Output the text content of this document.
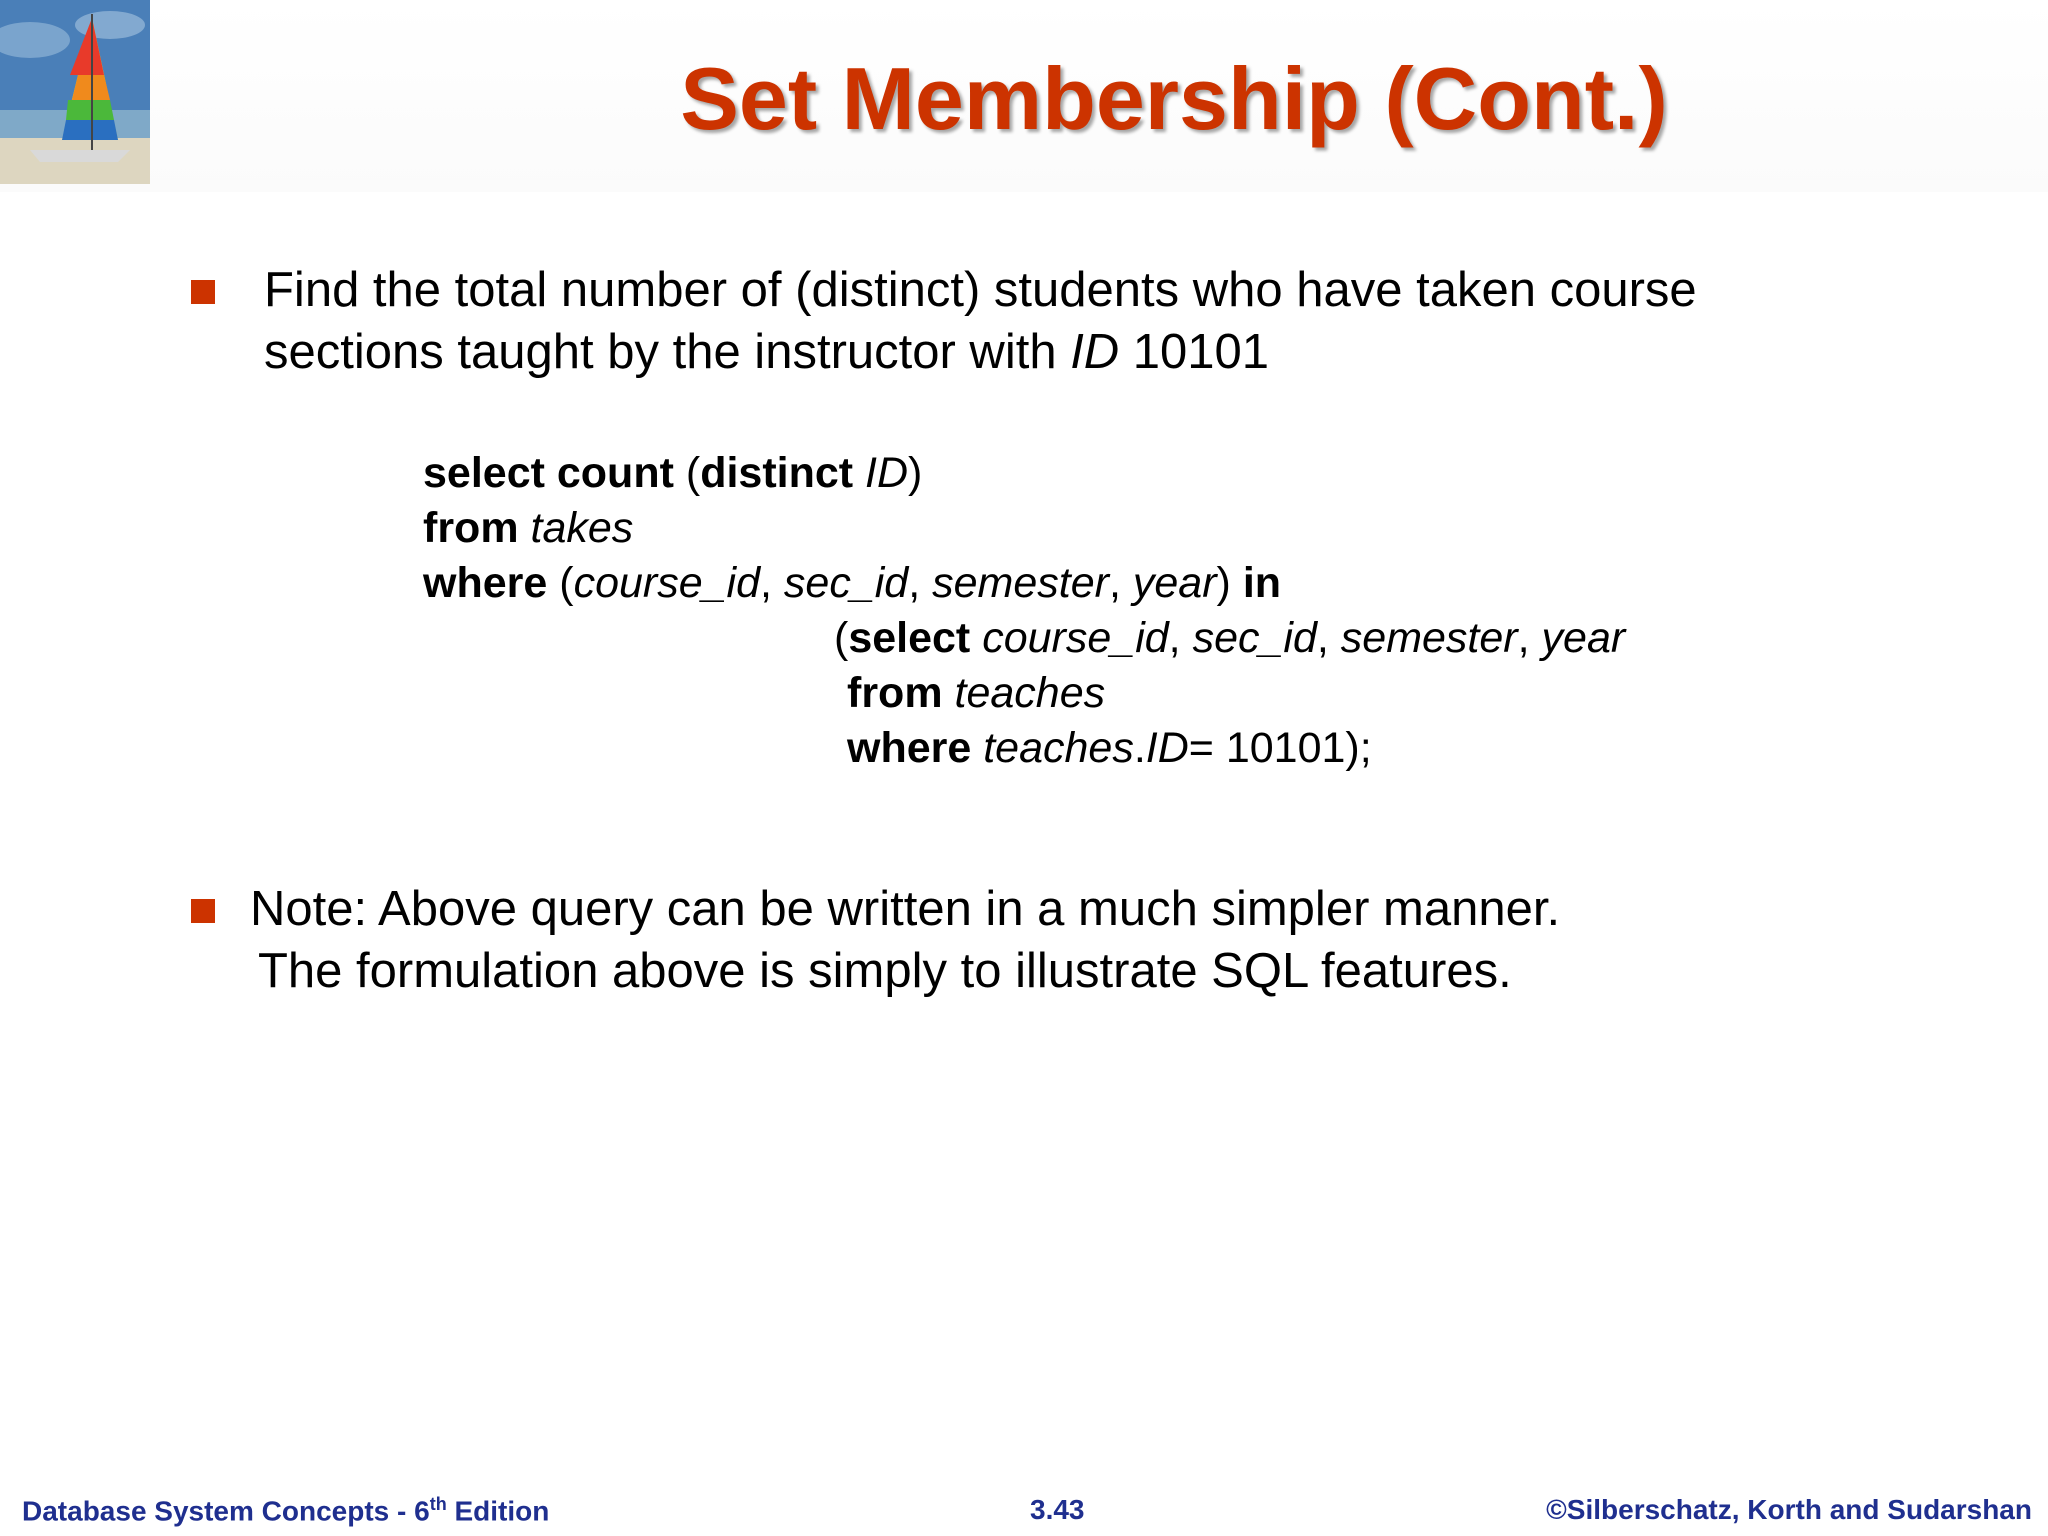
Set Membership (Cont.)
Find the total number of (distinct) students who have taken course
sections taught by the instructor with ID 10101
select count (distinct ID)
from takes
where (course_id, sec_id, semester, year) in
(select course_id, sec_id, semester, year
from teaches
where teaches.ID= 10101);
Note: Above query can be written in a much simpler manner.
The formulation above is simply to illustrate SQL features.
Database System Concepts - 6th Edition	3.43	©Silberschatz, Korth and Sudarshan
